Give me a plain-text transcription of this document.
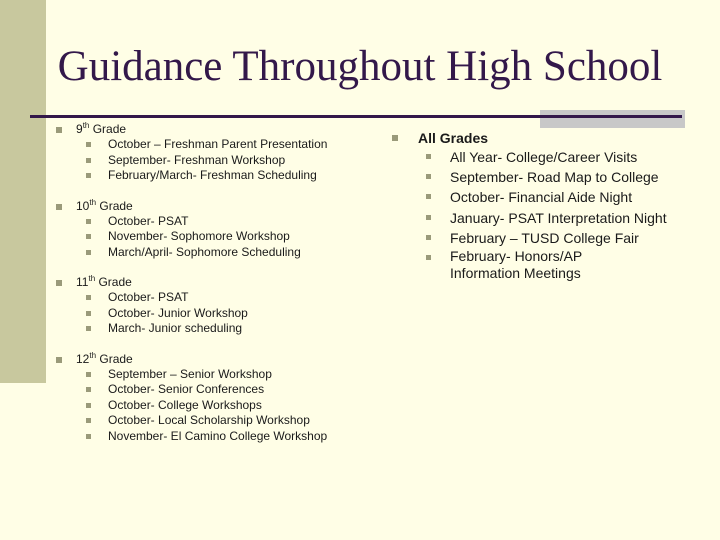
Guidance Throughout High School
9th Grade
October – Freshman Parent Presentation
September- Freshman Workshop
February/March- Freshman Scheduling
10th Grade
October- PSAT
November- Sophomore Workshop
March/April- Sophomore Scheduling
11th Grade
October- PSAT
October- Junior Workshop
March- Junior scheduling
12th Grade
September – Senior Workshop
October- Senior Conferences
October- College Workshops
October- Local Scholarship Workshop
November- El Camino College Workshop
All Grades
All Year- College/Career Visits
September- Road Map to College
October- Financial Aide Night
January- PSAT Interpretation Night
February – TUSD College Fair
February- Honors/AP Information Meetings
